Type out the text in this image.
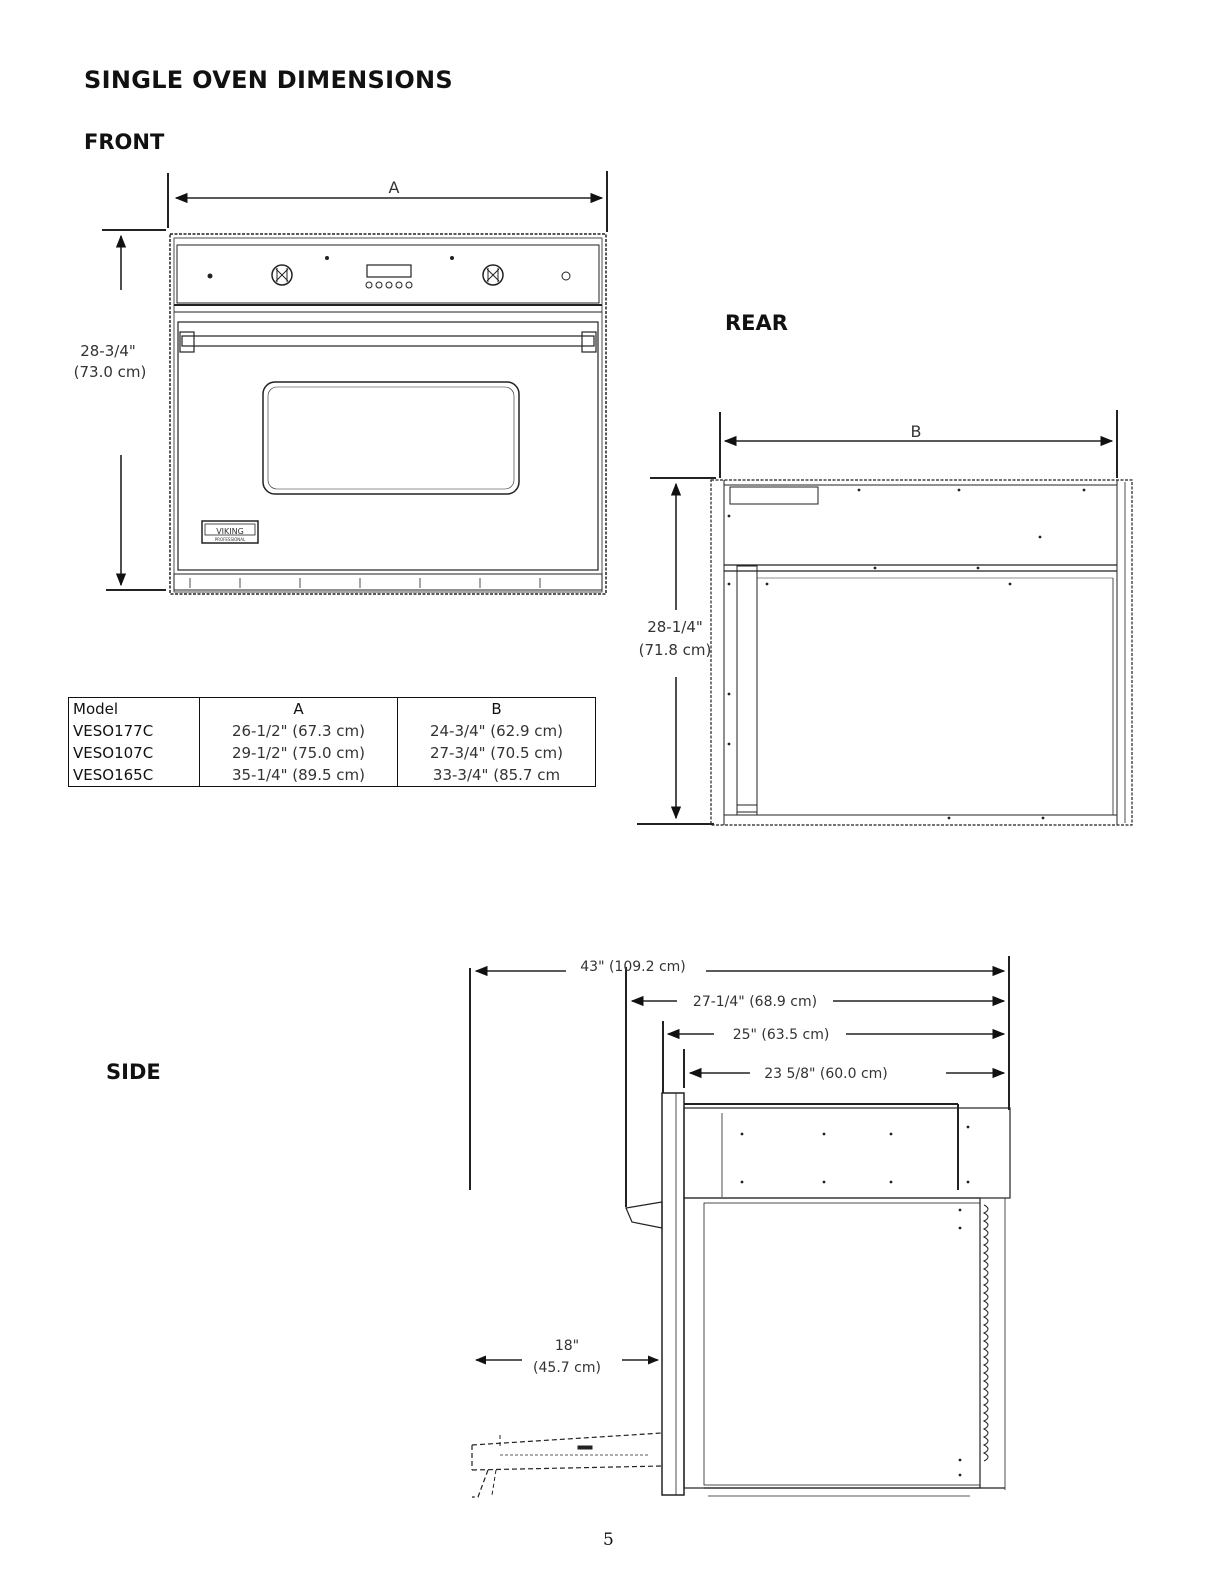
SINGLE OVEN DIMENSIONS
FRONT
REAR
SIDE
VIKING
PROFESSIONAL
A
28-3/4"
(73.0 cm)
B
28-1/4"
(71.8 cm)
43" (109.2 cm)
27-1/4" (68.9 cm)
25" (63.5 cm)
23 5/8" (60.0 cm)
18"
(45.7 cm)
Model	A	B
VESO177C	26-1/2" (67.3 cm)	24-3/4" (62.9 cm)
VESO107C	29-1/2" (75.0 cm)	27-3/4" (70.5 cm)
VESO165C	35-1/4" (89.5 cm)	33-3/4" (85.7 cm
5
